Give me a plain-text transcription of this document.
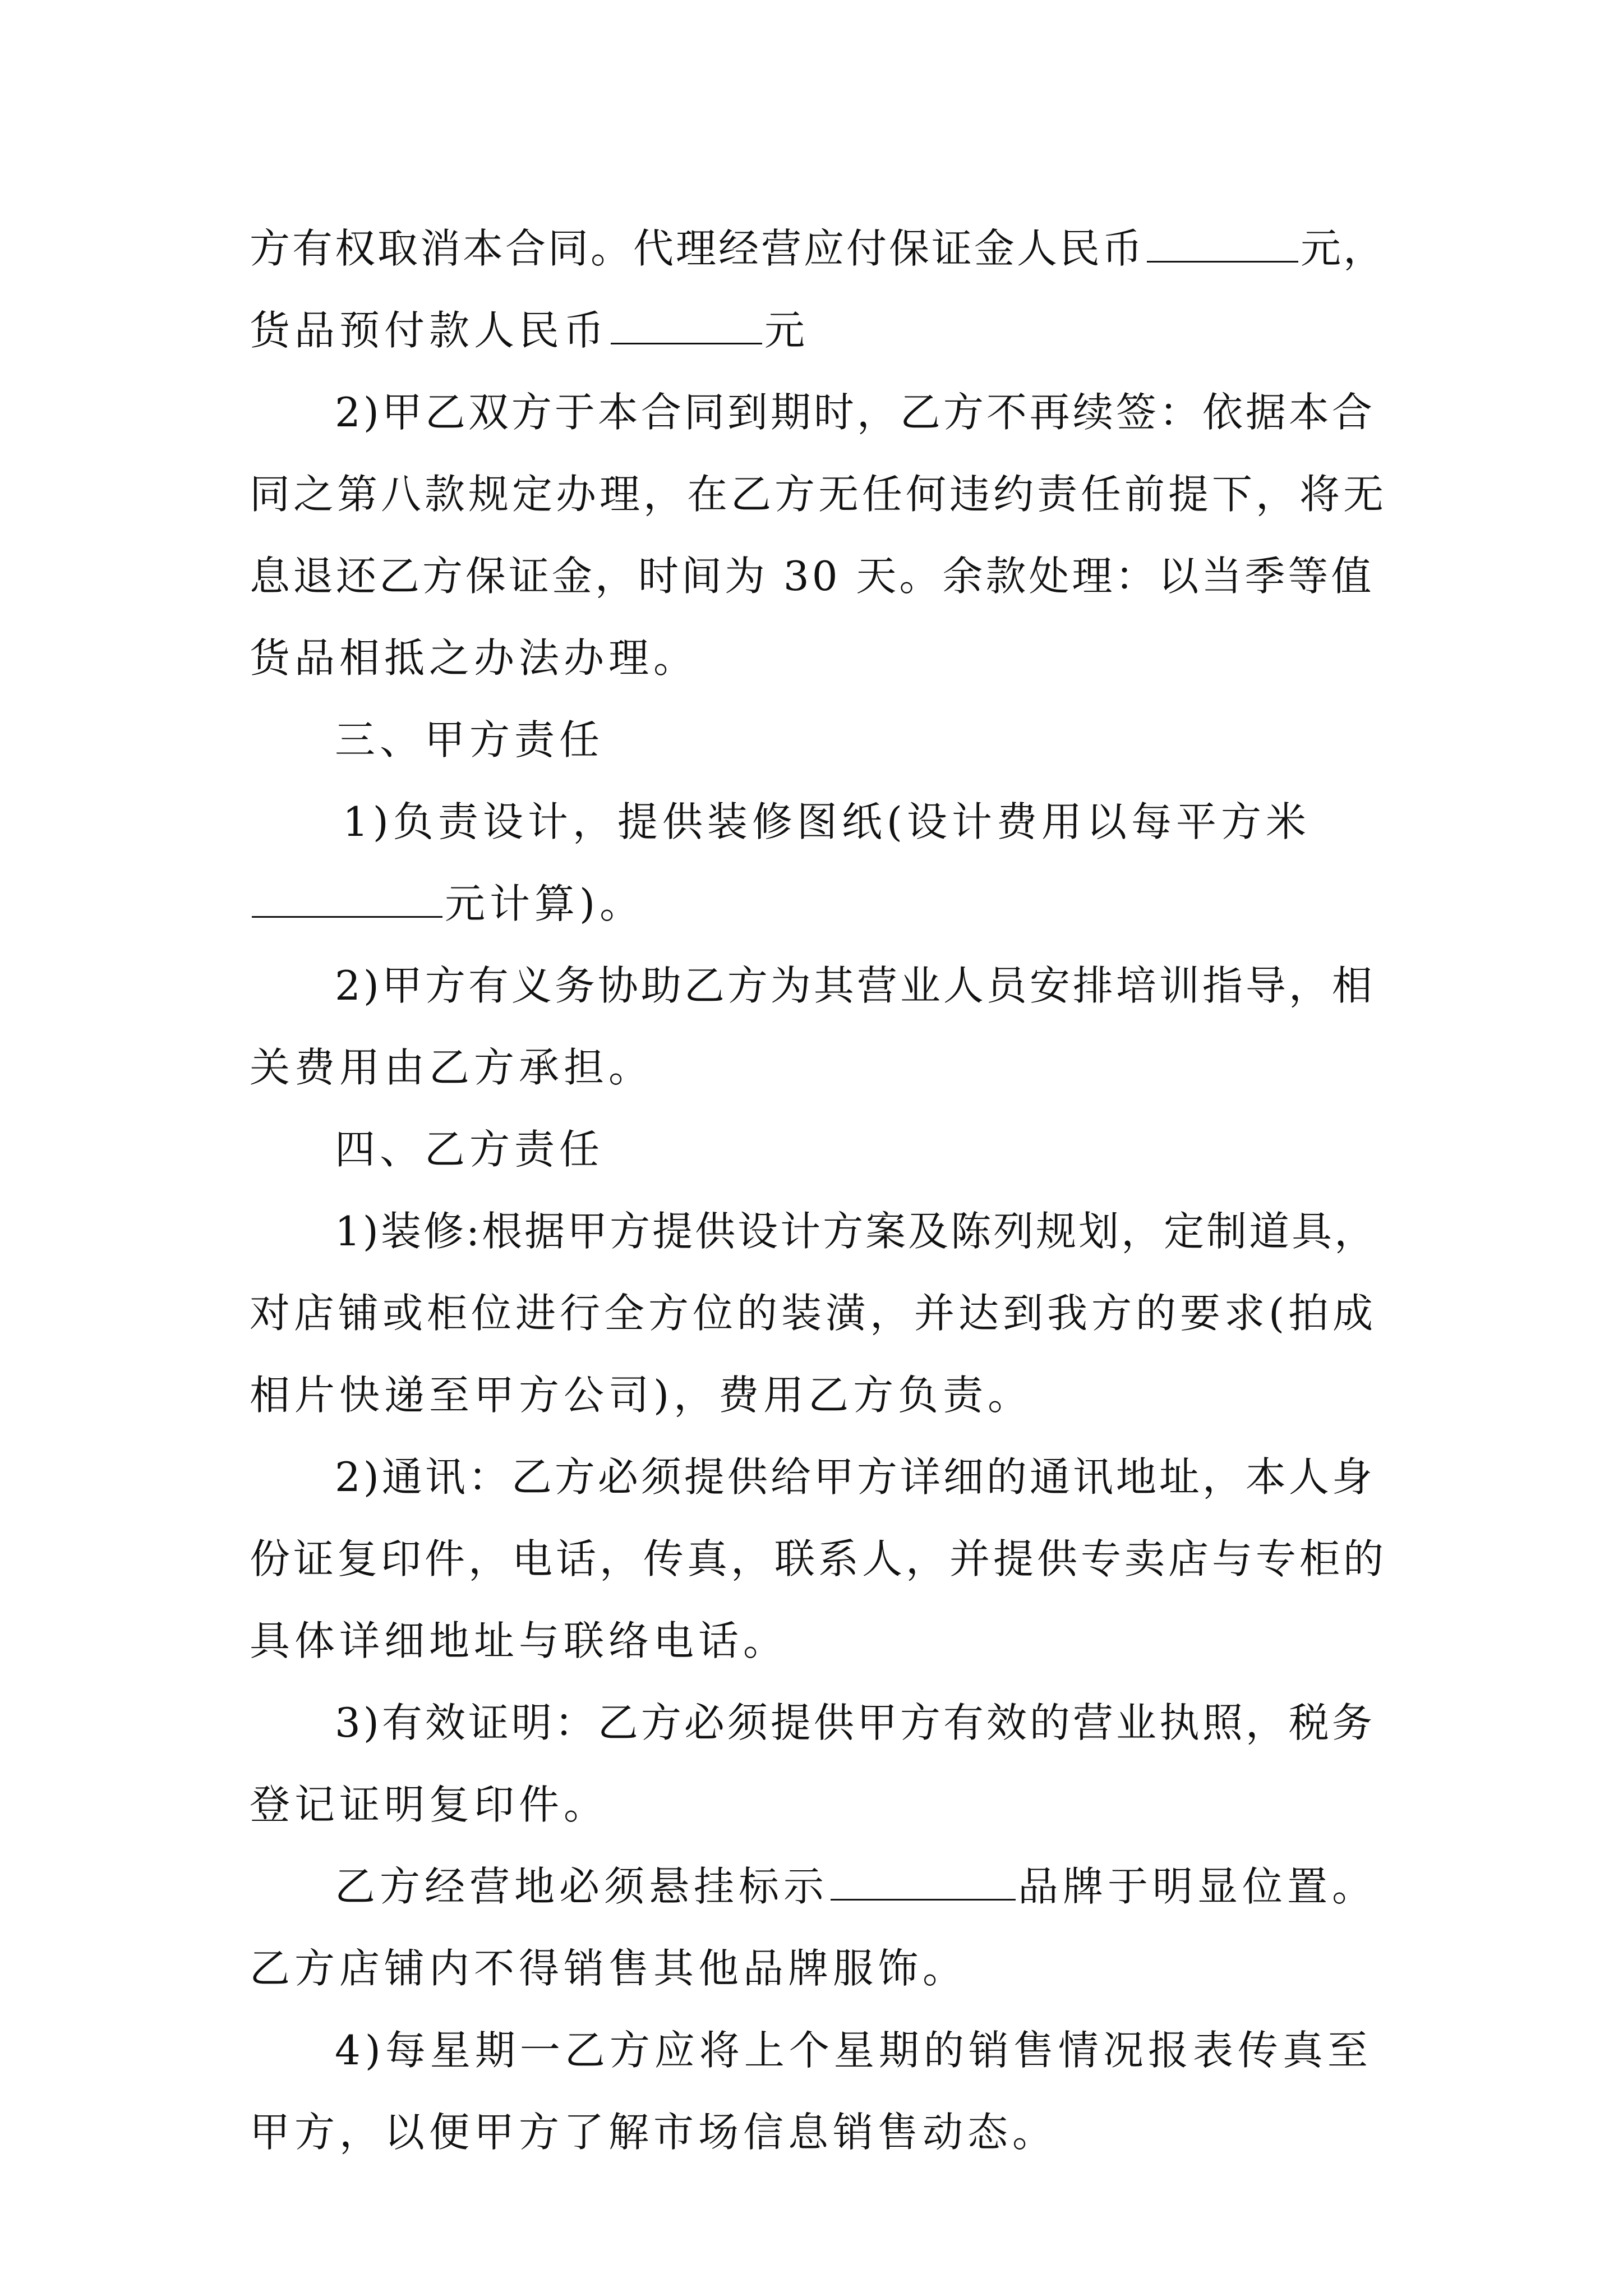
方有权取消本合同。代理经营应付保证金人民币	元，
货品预付款人民币	元
2)甲乙双方于本合同到期时，乙方不再续签：依据本合
同之第八款规定办理，在乙方无任何违约责任前提下，将无
息退还乙方保证金，时间为 30 天。余款处理：以当季等值
货品相抵之办法办理。
三、甲方责任
1)负责设计，提供装修图纸(设计费用以每平方米
元计算)。
2)甲方有义务协助乙方为其营业人员安排培训指导，相
关费用由乙方承担。
四、乙方责任
1)装修:根据甲方提供设计方案及陈列规划，定制道具，
对店铺或柜位进行全方位的装潢，并达到我方的要求(拍成
相片快递至甲方公司)，费用乙方负责。
2)通讯：乙方必须提供给甲方详细的通讯地址，本人身
份证复印件，电话，传真，联系人，并提供专卖店与专柜的
具体详细地址与联络电话。
3)有效证明：乙方必须提供甲方有效的营业执照，税务
登记证明复印件。
乙方经营地必须悬挂标示	品牌于明显位置。
乙方店铺内不得销售其他品牌服饰。
4)每星期一乙方应将上个星期的销售情况报表传真至
甲方，以便甲方了解市场信息销售动态。
